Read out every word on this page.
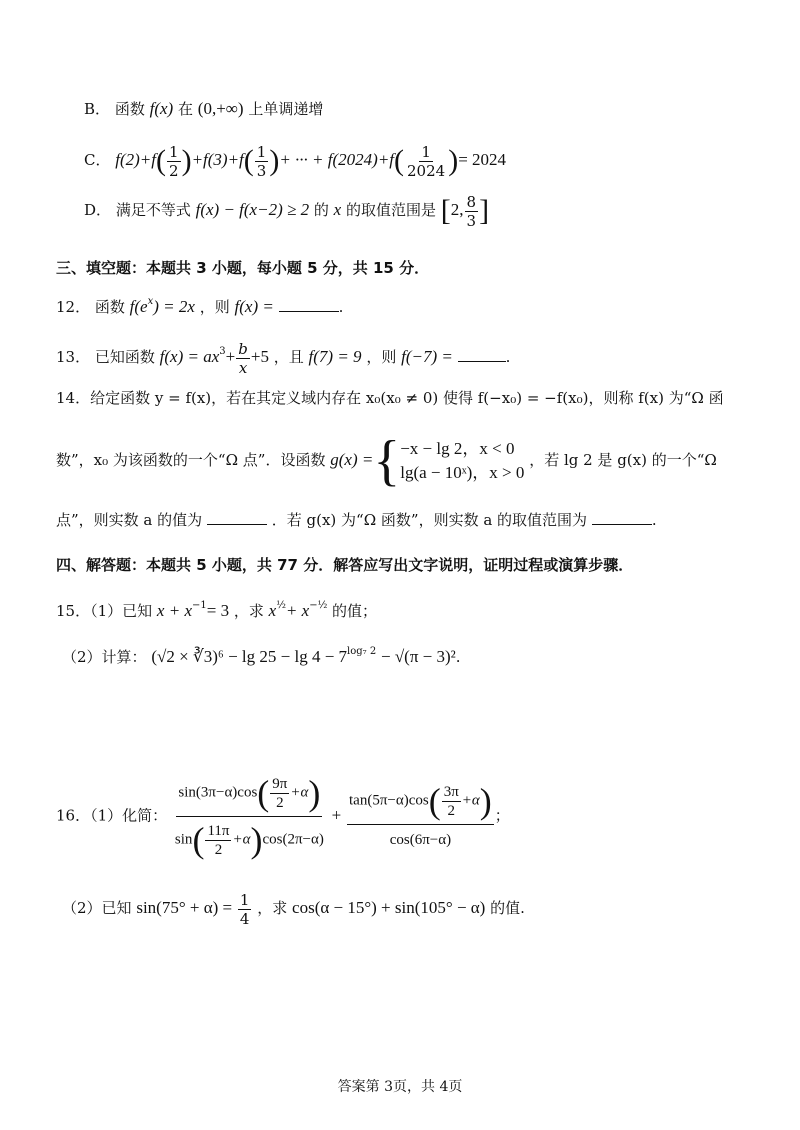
B． 函数 f(x) 在 (0,+∞) 上单调递增
C． $f(2)+f( \frac{1}{2} )+f(3)+f( \frac{1}{3}$ )+ ··· + $f(2024)+f( \frac{1}{2024}$ )= 2024
D． 满足不等式 f(x) − f(x−2) ≥ 2 的 x 的取值范围是 [2, $\frac{8}{3}$ ]
三、填空题：本题共 3 小题，每小题 5 分，共 15 分．
12． 函数 $f(e^x) = 2x$ ，则 f(x) =	.
13． 已知函数 $f(x) = ax^3+ \frac{b}{x} +5$ ，且 f(7) = 9 ，则 f(−7) =	.
14．给定函数 y = f(x)，若在其定义域内存在 x₀(x₀ ≠ 0) 使得 f(−x₀) = −f(x₀)，则称 f(x) 为“Ω 函
数”，x₀ 为该函数的一个“Ω 点”．设函数 g(x) ={ −x − lg 2，x < 0
lg(a − 10ˣ)，x > 0
，若 lg 2 是 g(x) 的一个“Ω
点”，则实数 a 的值为	．若 g(x) 为“Ω 函数”，则实数 a 的取值范围为	.
四、解答题：本题共 5 小题，共 77 分．解答应写出文字说明，证明过程或演算步骤．
15．（1）已知 $x + x^{-1}= 3$ ，求 $x^{\frac{1}{2}}+ x^{-\frac{1}{2}}$ 的值；
（2）计算： (√2 × ∛3)⁶ − $\lg 25 - \lg 4 - 7^{log_7 2} - √(\pi - 3)^2$.
16．（1）化简： $\frac{\sin(3\pi-\alpha)\cos( \frac{9\pi}{2} +\alpha)}{\sin( \frac{11\pi}{2} +\alpha)\cos(2\pi-\alpha)} + \frac{\tan(5\pi-\alpha)\cos( \frac{3\pi}{2} +\alpha)}{\cos(6\pi-\alpha)}$ ；
（2）已知 $\sin(75^\circ + \alpha) = \frac{1}{4}$ ，求 cos(α − 15°) + sin(105° − α) 的值.
答案第 3页，共 4页
